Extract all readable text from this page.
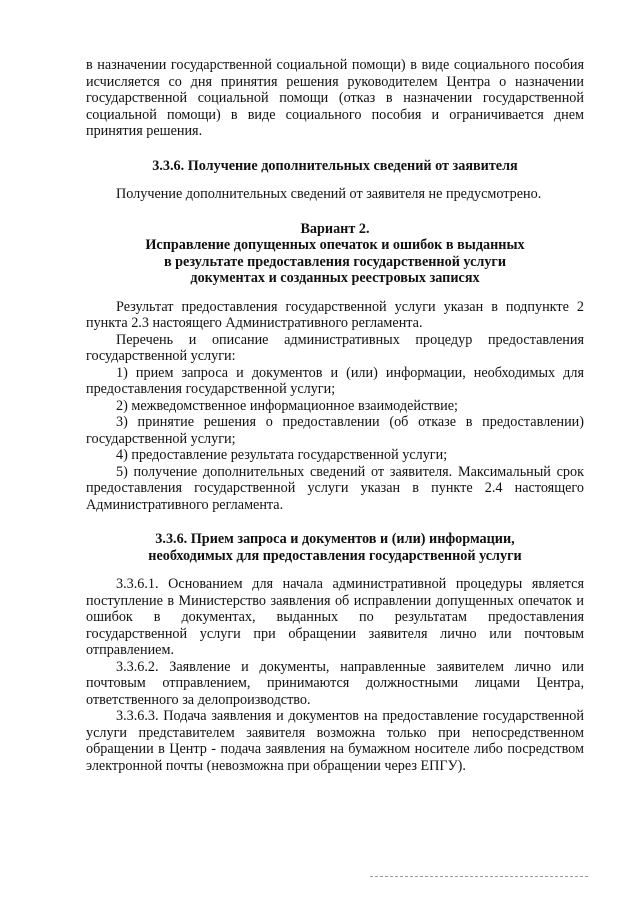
в назначении государственной социальной помощи) в виде социального пособия исчисляется со дня принятия решения руководителем Центра о назначении государственной социальной помощи (отказ в назначении государственной социальной помощи) в виде социального пособия и ограничивается днем принятия решения.

3.3.6. Получение дополнительных сведений от заявителя

Получение дополнительных сведений от заявителя не предусмотрено.

Вариант 2.

Исправление допущенных опечаток и ошибок в выданных

в результате предоставления государственной услуги

документах и созданных реестровых записях

Результат предоставления государственной услуги указан в подпункте 2 пункта 2.3 настоящего Административного регламента.

Перечень и описание административных процедур предоставления государственной услуги:

1) прием запроса и документов и (или) информации, необходимых для предоставления государственной услуги;

2) межведомственное информационное взаимодействие;

3) принятие решения о предоставлении (об отказе в предоставлении) государственной услуги;

4) предоставление результата государственной услуги;

5) получение дополнительных сведений от заявителя. Максимальный срок предоставления государственной услуги указан в пункте 2.4 настоящего Административного регламента.

3.3.6. Прием запроса и документов и (или) информации,

необходимых для предоставления государственной услуги

3.3.6.1. Основанием для начала административной процедуры является поступление в Министерство заявления об исправлении допущенных опечаток и ошибок в документах, выданных по результатам предоставления государственной услуги при обращении заявителя лично или почтовым отправлением.

3.3.6.2. Заявление и документы, направленные заявителем лично или почтовым отправлением, принимаются должностными лицами Центра, ответственного за делопроизводство.

3.3.6.3. Подача заявления и документов на предоставление государственной услуги представителем заявителя возможна только при непосредственном обращении в Центр - подача заявления на бумажном носителе либо посредством электронной почты (невозможна при обращении через ЕПГУ).
